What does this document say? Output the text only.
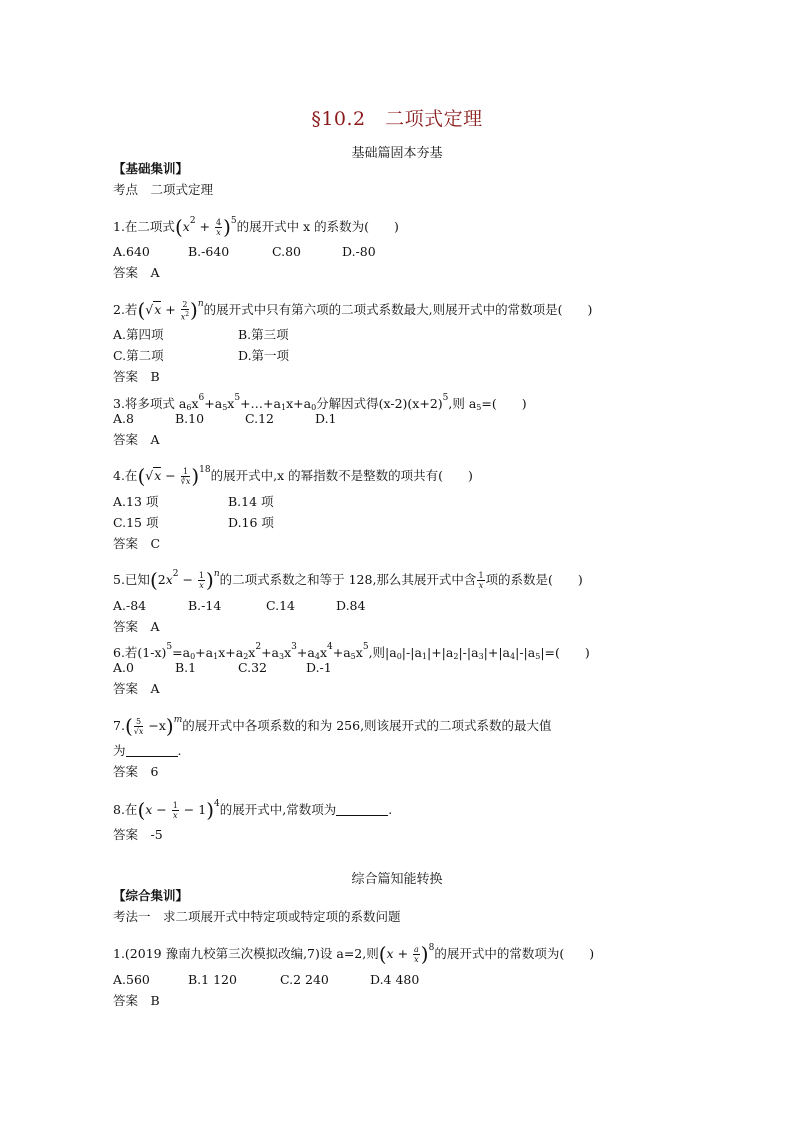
§10.2　二项式定理
基础篇固本夯基
【基础集训】
考点　二项式定理
1.在二项式$(x^2 + \frac{4}{x} )^5$的展开式中 x 的系数为(　　)
A.640	B.-640	C.80	D.-80
答案　A
2.若$(√x + \frac{2}{x^2} )^n$的展开式中只有第六项的二项式系数最大,则展开式中的常数项是(　　)
A.第四项	B.第三项
C.第二项	D.第一项
答案　B
3.将多项式 $a_6x^6+a_5x^5+\dots+a_1x+a_0$分解因式得$(x-2)(x+2)^5$,则 $a_5=$(　　)
A.8	B.10	C.12	D.1
答案　A
4.在$(√x - \frac{1}{∛x} )^{18}$的展开式中,x 的幂指数不是整数的项共有(　　)
A.13 项	B.14 项
C.15 项	D.16 项
答案　C
5.已知$(2x^2 - \frac{1}{x} )^n$的二项式系数之和等于 128,那么其展开式中含 $\frac{1}{x}$ 项的系数是(　　)
A.-84	B.-14	C.14	D.84
答案　A
6.若$(1-x)^5=a_0+a_1x+a_2x^2+a_3x^3+a_4x^4+a_5x^5$,则$|a_0|-|a_1|+|a_2|-|a_3|+|a_4|-|a_5|=$(　　)
A.0	B.1	C.32	D.-1
答案　A
$7.( \frac{5}{√x} -x)^m$的展开式中各项系数的和为 256,则该展开式的二项式系数的最大值
为	.
答案　6
8.在$(x - \frac{1}{x} - 1)^4$的展开式中,常数项为	.
答案　-5
综合篇知能转换
【综合集训】
考法一　求二项展开式中特定项或特定项的系数问题
1.(2019 豫南九校第三次模拟改编,7)设 a=2,则$(x + \frac{a}{x} )^8$的展开式中的常数项为(　　)
A.560	B.1 120	C.2 240	D.4 480
答案　B
